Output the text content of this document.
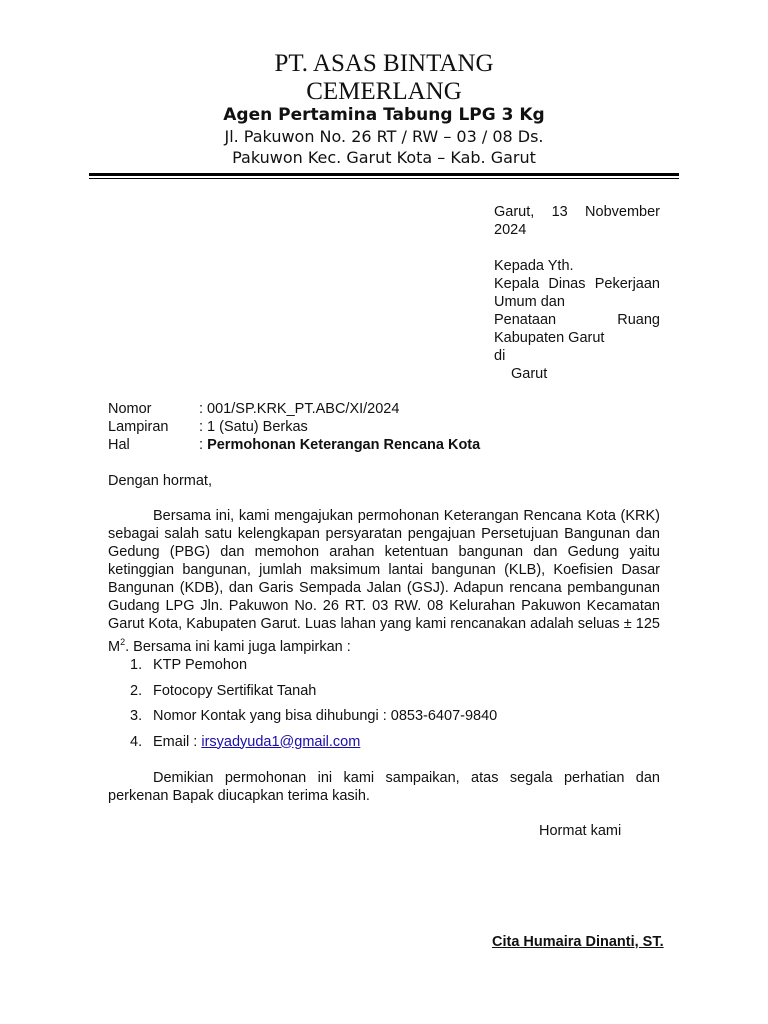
PT. ASAS BINTANG
CEMERLANG
Agen Pertamina Tabung LPG 3 Kg
Jl. Pakuwon No. 26 RT / RW – 03 / 08 Ds.
Pakuwon Kec. Garut Kota – Kab. Garut
Garut, 13 Nobvember
2024
Kepada Yth.
Kepala Dinas Pekerjaan
Umum dan
Penataan	Ruang
Kabupaten Garut
di
Garut
Nomor	: 001/SP.KRK_PT.ABC/XI/2024
Lampiran	: 1 (Satu) Berkas
Hal	: Permohonan Keterangan Rencana Kota
Dengan hormat,
Bersama ini, kami mengajukan permohonan Keterangan Rencana Kota (KRK) sebagai salah satu kelengkapan persyaratan pengajuan Persetujuan Bangunan dan Gedung (PBG) dan memohon arahan ketentuan bangunan dan Gedung yaitu ketinggian bangunan, jumlah maksimum lantai bangunan (KLB), Koefisien Dasar Bangunan (KDB), dan Garis Sempada Jalan (GSJ). Adapun rencana pembangunan Gudang LPG Jln. Pakuwon No. 26 RT. 03 RW. 08 Kelurahan Pakuwon Kecamatan Garut Kota, Kabupaten Garut. Luas lahan yang kami rencanakan adalah seluas ± 125 $M^2$. Bersama ini kami juga lampirkan :
1. KTP Pemohon
2. Fotocopy Sertifikat Tanah
3. Nomor Kontak yang bisa dihubungi : 0853-6407-9840
4. Email : irsyadyuda1@gmail.com
Demikian permohonan ini kami sampaikan, atas segala perhatian dan perkenan Bapak diucapkan terima kasih.
Hormat kami
Cita Humaira Dinanti, ST.
